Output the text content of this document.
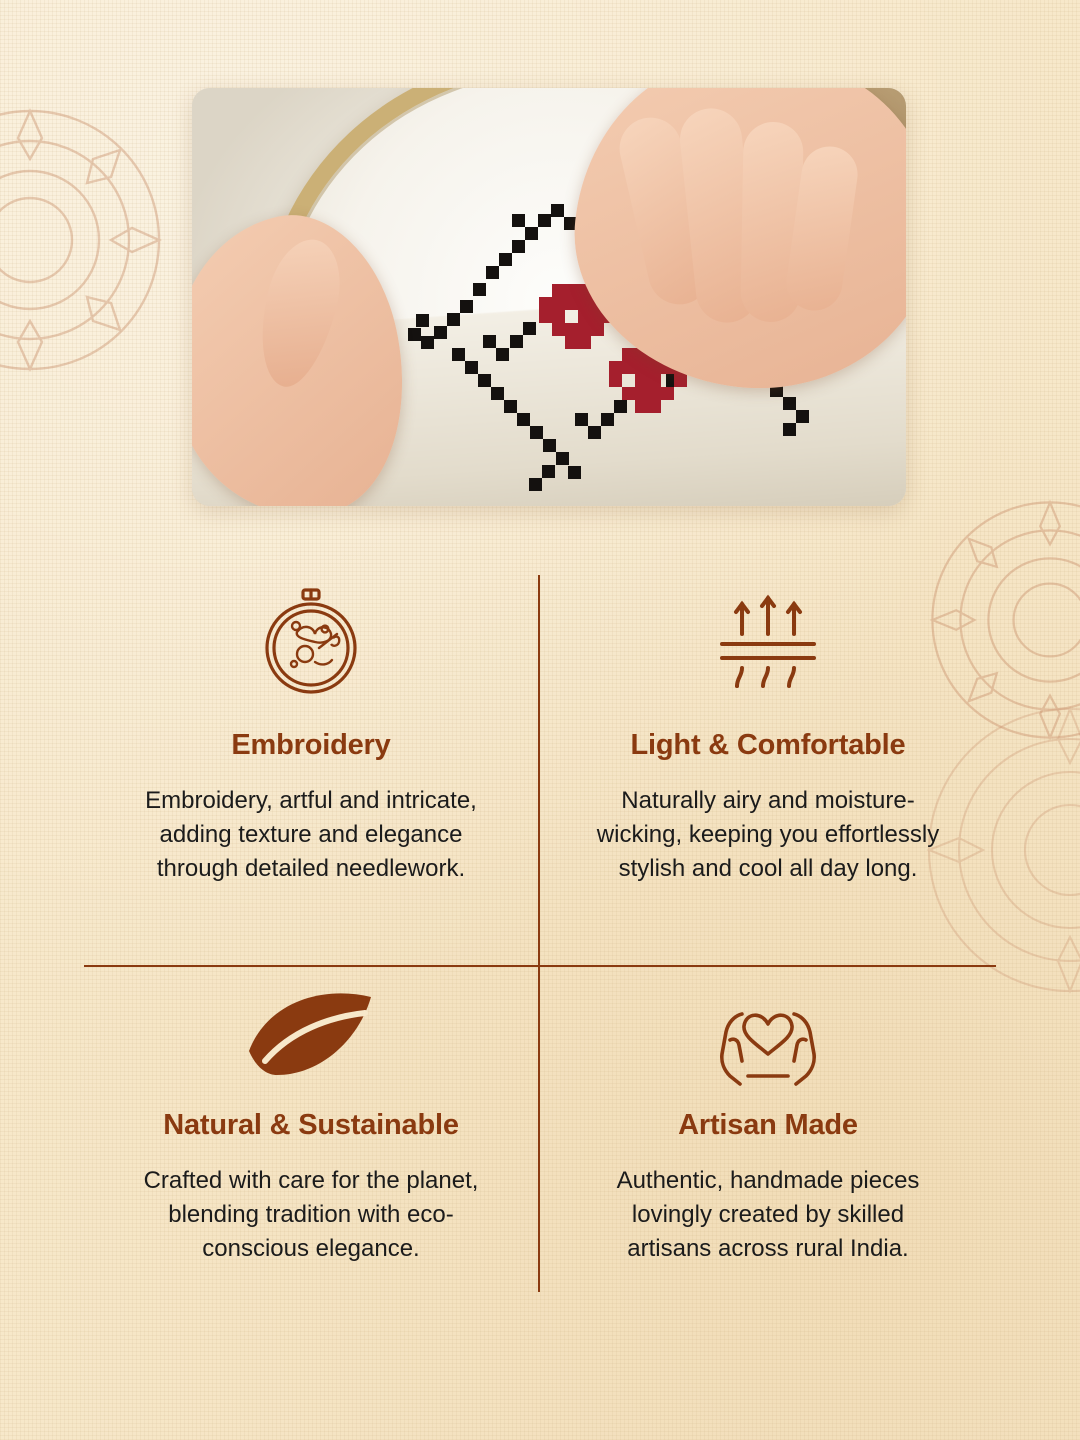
Embroidery

Embroidery, artful and intricate, adding texture and elegance through detailed needlework.

Light & Comfortable

Naturally airy and moisture-wicking, keeping you effortlessly stylish and cool all day long.

Natural & Sustainable

Crafted with care for the planet, blending tradition with eco-conscious elegance.

Artisan Made

Authentic, handmade pieces lovingly created by skilled artisans across rural India.
